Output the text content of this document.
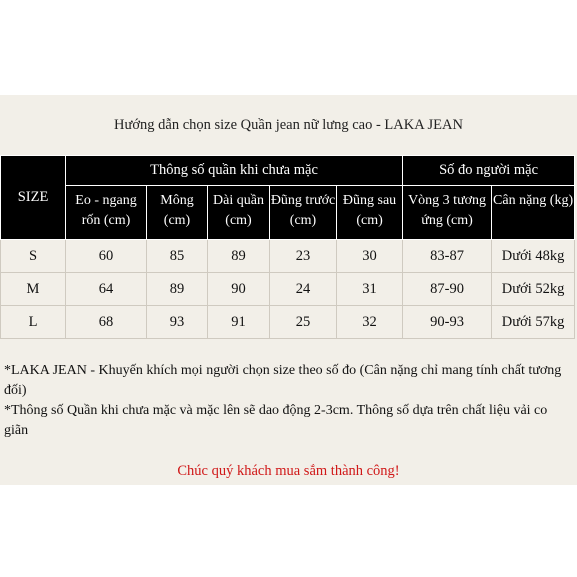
Hướng dẫn chọn size Quần jean nữ lưng cao - LAKA JEAN
SIZE	Thông số quần khi chưa mặc					Số đo người mặc	

	Eo - ngang rốn (cm)	Mông (cm)	Dài quần (cm)	Đũng trước (cm)	Đũng sau (cm)	Vòng 3 tương ứng (cm)	Cân nặng (kg)

S	60	85	89	23	30	83-87	Dưới 48kg
M	64	89	90	24	31	87-90	Dưới 52kg
L	68	93	91	25	32	90-93	Dưới 57kg

*LAKA JEAN - Khuyến khích mọi người chọn size theo số đo (Cân nặng chỉ mang tính chất tương đối)

*Thông số Quần khi chưa mặc và mặc lên sẽ dao động 2-3cm. Thông số dựa trên chất liệu vải co giãn

Chúc quý khách mua sắm thành công!
